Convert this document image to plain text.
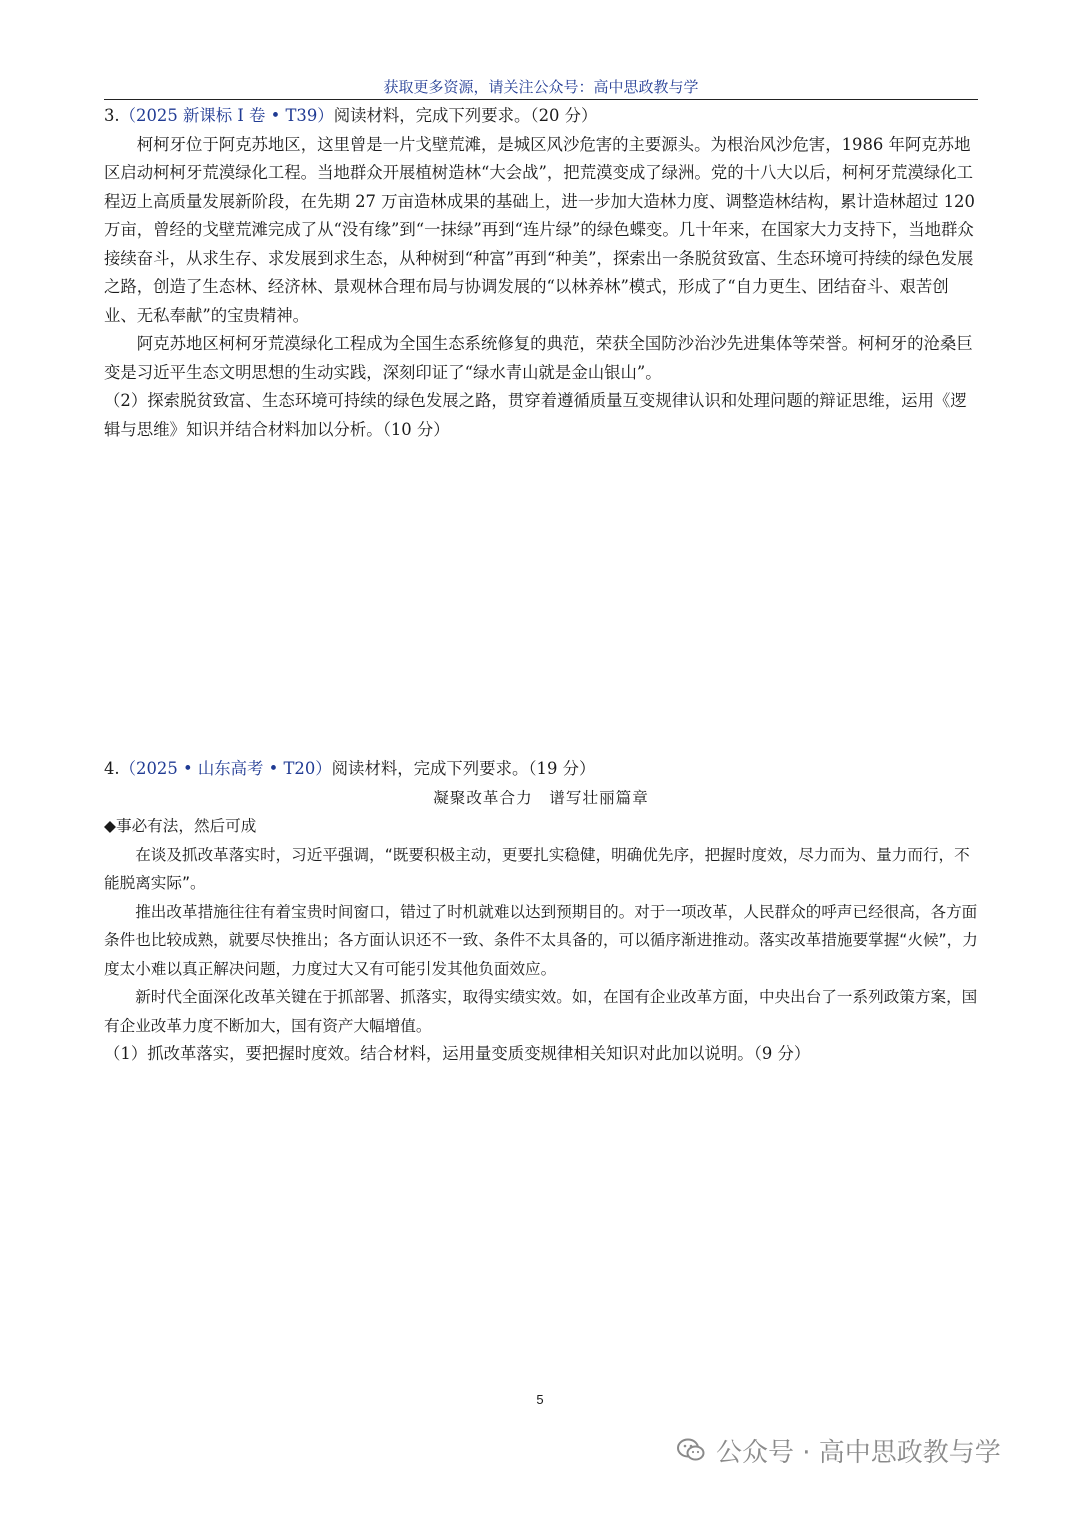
获取更多资源，请关注公众号：高中思政教与学

3.（2025 新课标 I 卷 • T39）阅读材料，完成下列要求。（20 分）

柯柯牙位于阿克苏地区，这里曾是一片戈壁荒滩，是城区风沙危害的主要源头。为根治风沙危害，1986 年阿克苏地区启动柯柯牙荒漠绿化工程。当地群众开展植树造林“大会战”，把荒漠变成了绿洲。党的十八大以后，柯柯牙荒漠绿化工程迈上高质量发展新阶段，在先期 27 万亩造林成果的基础上，进一步加大造林力度、调整造林结构，累计造林超过 120 万亩，曾经的戈壁荒滩完成了从“没有缘”到“一抹绿”再到“连片绿”的绿色蝶变。几十年来，在国家大力支持下，当地群众接续奋斗，从求生存、求发展到求生态，从种树到“种富”再到“种美”，探索出一条脱贫致富、生态环境可持续的绿色发展之路，创造了生态林、经济林、景观林合理布局与协调发展的“以林养林”模式，形成了“自力更生、团结奋斗、艰苦创业、无私奉献”的宝贵精神。

阿克苏地区柯柯牙荒漠绿化工程成为全国生态系统修复的典范，荣获全国防沙治沙先进集体等荣誉。柯柯牙的沧桑巨变是习近平生态文明思想的生动实践，深刻印证了“绿水青山就是金山银山”。

（2）探索脱贫致富、生态环境可持续的绿色发展之路，贯穿着遵循质量互变规律认识和处理问题的辩证思维，运用《逻辑与思维》知识并结合材料加以分析。（10 分）

4.（2025 • 山东高考 • T20）阅读材料，完成下列要求。（19 分）

凝聚改革合力　谱写壮丽篇章

◆事必有法，然后可成

在谈及抓改革落实时，习近平强调，“既要积极主动，更要扎实稳健，明确优先序，把握时度效，尽力而为、量力而行，不能脱离实际”。

推出改革措施往往有着宝贵时间窗口，错过了时机就难以达到预期目的。对于一项改革，人民群众的呼声已经很高，各方面条件也比较成熟，就要尽快推出；各方面认识还不一致、条件不太具备的，可以循序渐进推动。落实改革措施要掌握“火候”，力度太小难以真正解决问题，力度过大又有可能引发其他负面效应。

新时代全面深化改革关键在于抓部署、抓落实，取得实绩实效。如，在国有企业改革方面，中央出台了一系列政策方案，国有企业改革力度不断加大，国有资产大幅增值。

（1）抓改革落实，要把握时度效。结合材料，运用量变质变规律相关知识对此加以说明。（9 分）

5
公众号 · 高中思政教与学
